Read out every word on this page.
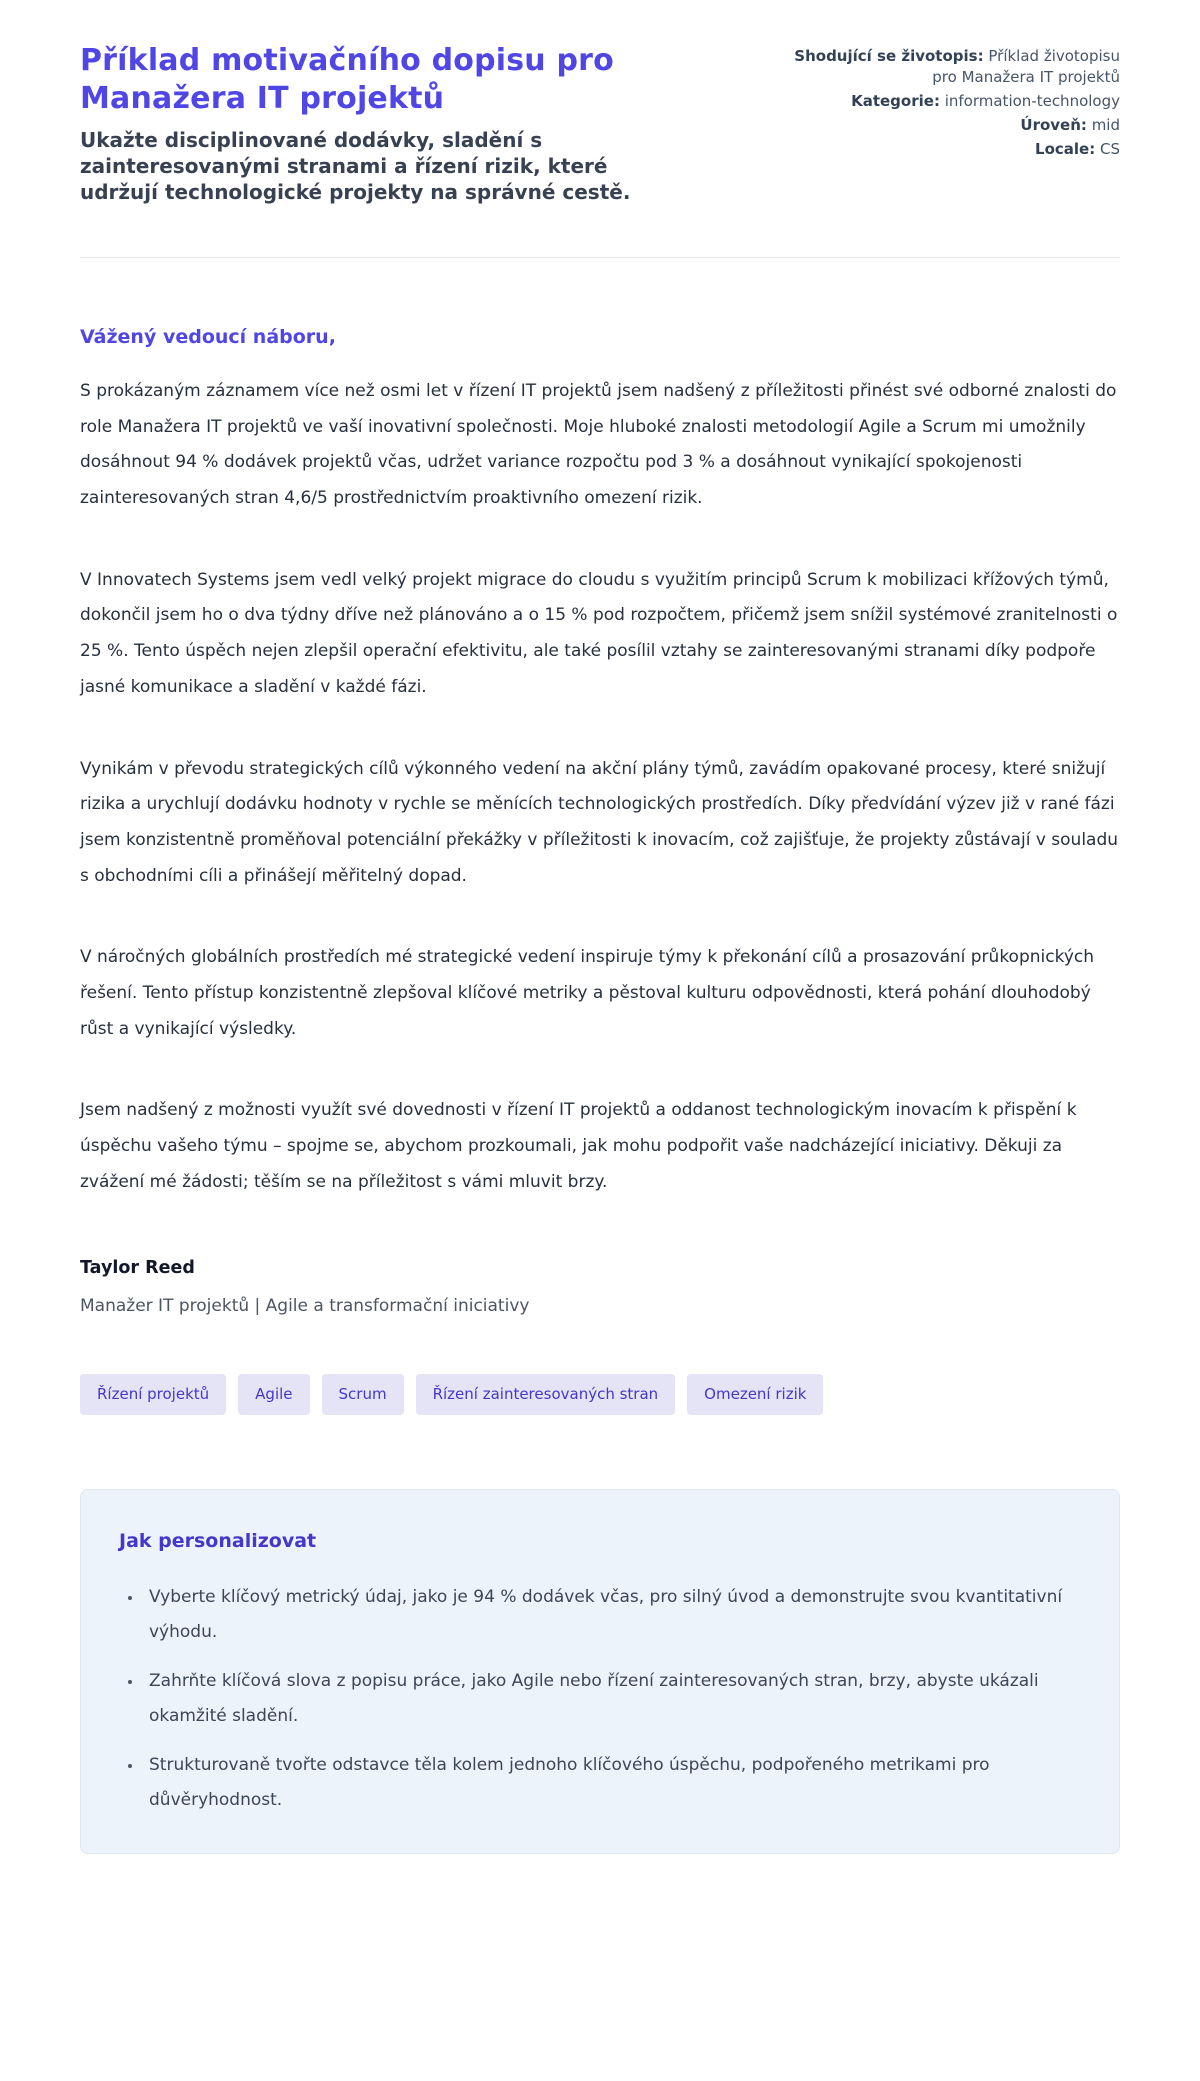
Příklad motivačního dopisu pro Manažera IT projektů
Ukažte disciplinované dodávky, sladění s zainteresovanými stranami a řízení rizik, které udržují technologické projekty na správné cestě.
Shodující se životopis: Příklad životopisu pro Manažera IT projektů
Kategorie: information-technology
Úroveň: mid
Locale: CS
Vážený vedoucí náboru,

S prokázaným záznamem více než osmi let v řízení IT projektů jsem nadšený z příležitosti přinést své odborné znalosti do role Manažera IT projektů ve vaší inovativní společnosti. Moje hluboké znalosti metodologií Agile a Scrum mi umožnily dosáhnout 94 % dodávek projektů včas, udržet variance rozpočtu pod 3 % a dosáhnout vynikající spokojenosti zainteresovaných stran 4,6/5 prostřednictvím proaktivního omezení rizik.

V Innovatech Systems jsem vedl velký projekt migrace do cloudu s využitím principů Scrum k mobilizaci křížových týmů, dokončil jsem ho o dva týdny dříve než plánováno a o 15 % pod rozpočtem, přičemž jsem snížil systémové zranitelnosti o 25 %. Tento úspěch nejen zlepšil operační efektivitu, ale také posílil vztahy se zainteresovanými stranami díky podpoře jasné komunikace a sladění v každé fázi.

Vynikám v převodu strategických cílů výkonného vedení na akční plány týmů, zavádím opakované procesy, které snižují rizika a urychlují dodávku hodnoty v rychle se měnících technologických prostředích. Díky předvídání výzev již v rané fázi jsem konzistentně proměňoval potenciální překážky v příležitosti k inovacím, což zajišťuje, že projekty zůstávají v souladu s obchodními cíli a přinášejí měřitelný dopad.

V náročných globálních prostředích mé strategické vedení inspiruje týmy k překonání cílů a prosazování průkopnických řešení. Tento přístup konzistentně zlepšoval klíčové metriky a pěstoval kulturu odpovědnosti, která pohání dlouhodobý růst a vynikající výsledky.

Jsem nadšený z možnosti využít své dovednosti v řízení IT projektů a oddanost technologickým inovacím k přispění k úspěchu vašeho týmu – spojme se, abychom prozkoumali, jak mohu podpořit vaše nadcházející iniciativy. Děkuji za zvážení mé žádosti; těším se na příležitost s vámi mluvit brzy.

Taylor Reed
Manažer IT projektů | Agile a transformační iniciativy
Řízení projektů	Agile	Scrum	Řízení zainteresovaných stran	Omezení rizik
Jak personalizovat
• Vyberte klíčový metrický údaj, jako je 94 % dodávek včas, pro silný úvod a demonstrujte svou kvantitativní výhodu.
• Zahrňte klíčová slova z popisu práce, jako Agile nebo řízení zainteresovaných stran, brzy, abyste ukázali okamžité sladění.
• Strukturovaně tvořte odstavce těla kolem jednoho klíčového úspěchu, podpořeného metrikami pro důvěryhodnost.
